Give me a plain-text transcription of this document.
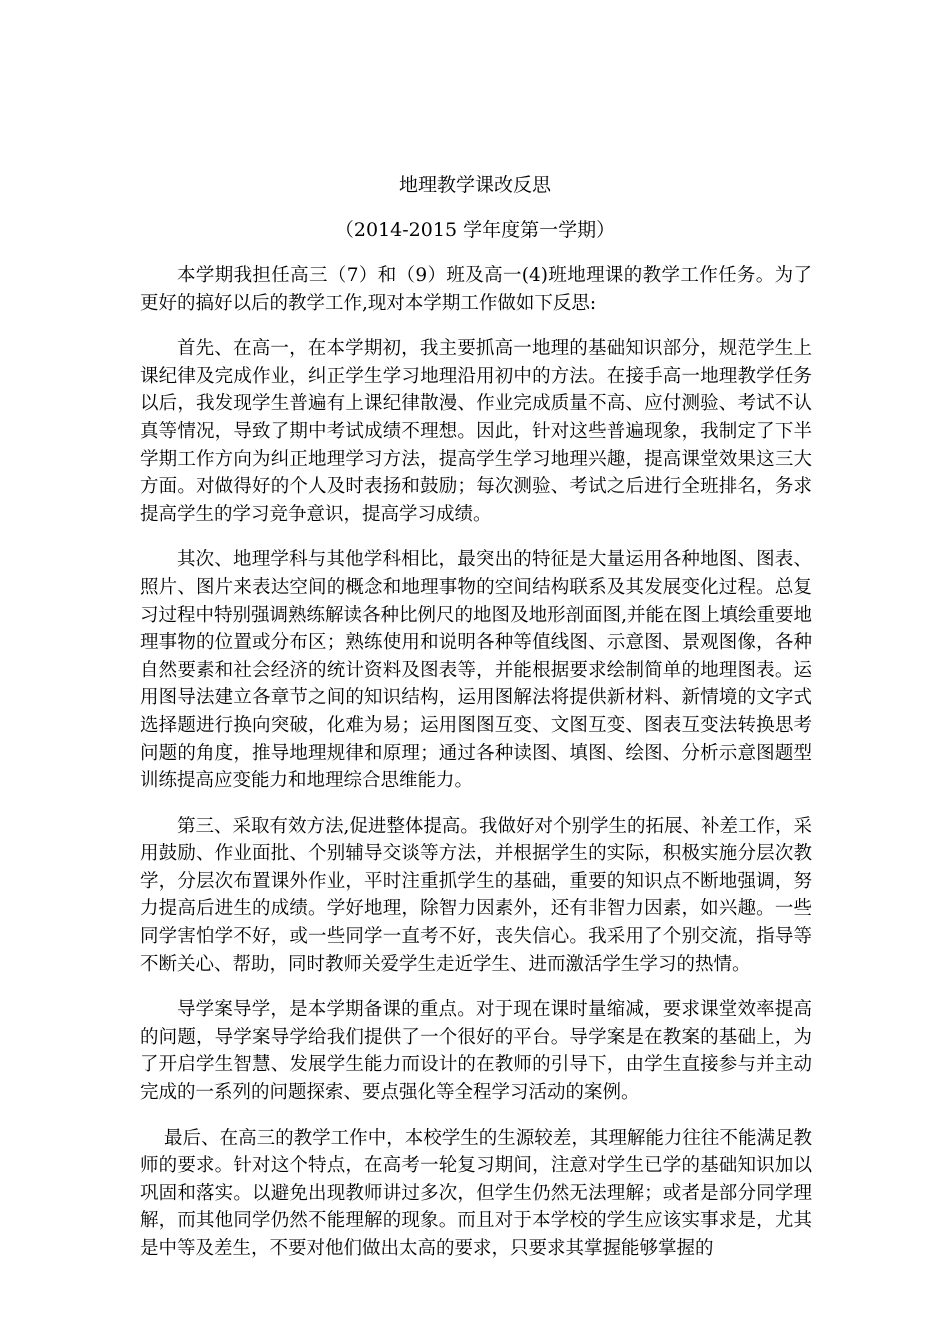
地理教学课改反思

（2014-2015 学年度第一学期）

本学期我担任高三（7）和（9）班及高一(4)班地理课的教学工作任务。为了更好的搞好以后的教学工作,现对本学期工作做如下反思:

首先、在高一，在本学期初，我主要抓高一地理的基础知识部分，规范学生上课纪律及完成作业，纠正学生学习地理沿用初中的方法。在接手高一地理教学任务以后，我发现学生普遍有上课纪律散漫、作业完成质量不高、应付测验、考试不认真等情况，导致了期中考试成绩不理想。因此，针对这些普遍现象，我制定了下半学期工作方向为纠正地理学习方法，提高学生学习地理兴趣，提高课堂效果这三大方面。对做得好的个人及时表扬和鼓励；每次测验、考试之后进行全班排名，务求提高学生的学习竞争意识，提高学习成绩。

其次、地理学科与其他学科相比，最突出的特征是大量运用各种地图、图表、照片、图片来表达空间的概念和地理事物的空间结构联系及其发展变化过程。总复习过程中特别强调熟练解读各种比例尺的地图及地形剖面图,并能在图上填绘重要地理事物的位置或分布区；熟练使用和说明各种等值线图、示意图、景观图像，各种自然要素和社会经济的统计资料及图表等，并能根据要求绘制简单的地理图表。运用图导法建立各章节之间的知识结构，运用图解法将提供新材料、新情境的文字式选择题进行换向突破，化难为易；运用图图互变、文图互变、图表互变法转换思考问题的角度，推导地理规律和原理；通过各种读图、填图、绘图、分析示意图题型训练提高应变能力和地理综合思维能力。

第三、采取有效方法,促进整体提高。我做好对个别学生的拓展、补差工作，采用鼓励、作业面批、个别辅导交谈等方法，并根据学生的实际，积极实施分层次教学，分层次布置课外作业，平时注重抓学生的基础，重要的知识点不断地强调，努力提高后进生的成绩。学好地理，除智力因素外，还有非智力因素，如兴趣。一些同学害怕学不好，或一些同学一直考不好，丧失信心。我采用了个别交流，指导等不断关心、帮助，同时教师关爱学生走近学生、进而激活学生学习的热情。

导学案导学，是本学期备课的重点。对于现在课时量缩减，要求课堂效率提高的问题，导学案导学给我们提供了一个很好的平台。导学案是在教案的基础上，为了开启学生智慧、发展学生能力而设计的在教师的引导下，由学生直接参与并主动完成的一系列的问题探索、要点强化等全程学习活动的案例。

最后、在高三的教学工作中，本校学生的生源较差，其理解能力往往不能满足教师的要求。针对这个特点，在高考一轮复习期间，注意对学生已学的基础知识加以巩固和落实。以避免出现教师讲过多次，但学生仍然无法理解；或者是部分同学理解，而其他同学仍然不能理解的现象。而且对于本学校的学生应该实事求是，尤其是中等及差生，不要对他们做出太高的要求，只要求其掌握能够掌握的
